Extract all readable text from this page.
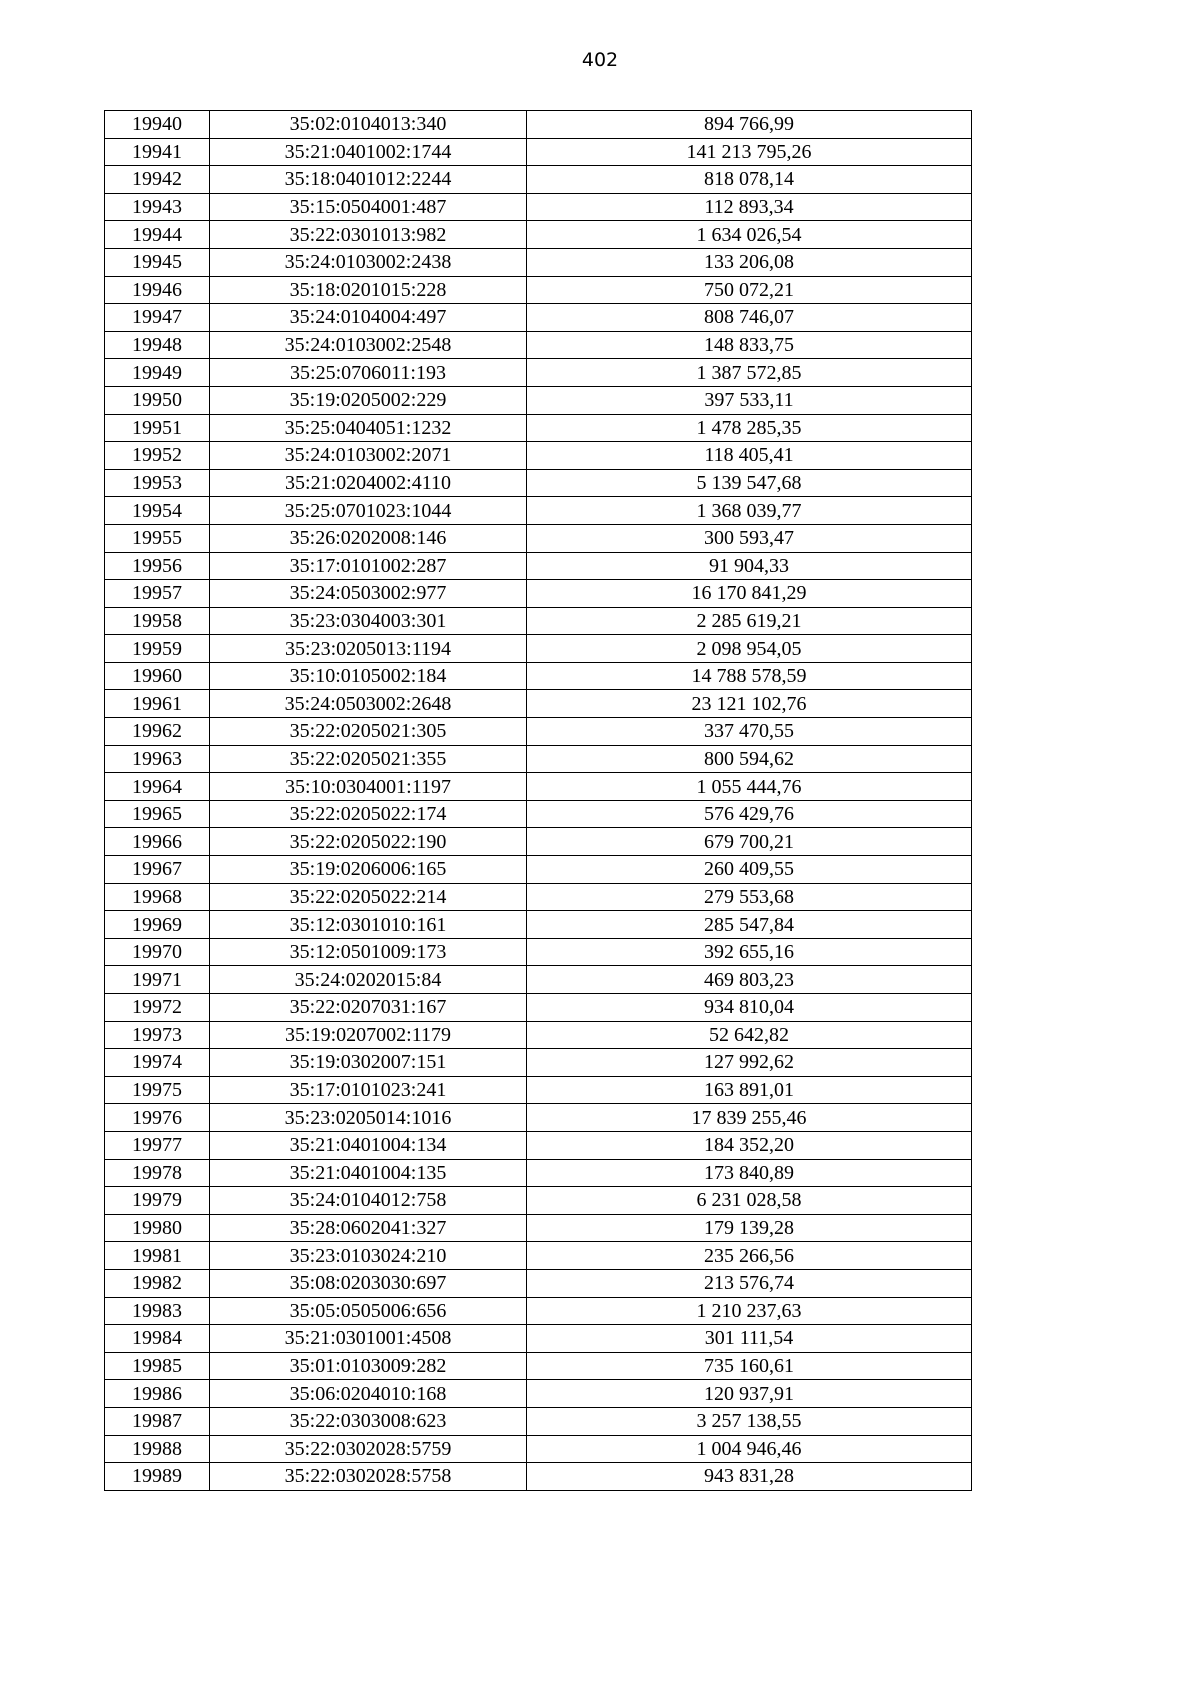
402
19940	35:02:0104013:340	894 766,99
19941	35:21:0401002:1744	141 213 795,26
19942	35:18:0401012:2244	818 078,14
19943	35:15:0504001:487	112 893,34
19944	35:22:0301013:982	1 634 026,54
19945	35:24:0103002:2438	133 206,08
19946	35:18:0201015:228	750 072,21
19947	35:24:0104004:497	808 746,07
19948	35:24:0103002:2548	148 833,75
19949	35:25:0706011:193	1 387 572,85
19950	35:19:0205002:229	397 533,11
19951	35:25:0404051:1232	1 478 285,35
19952	35:24:0103002:2071	118 405,41
19953	35:21:0204002:4110	5 139 547,68
19954	35:25:0701023:1044	1 368 039,77
19955	35:26:0202008:146	300 593,47
19956	35:17:0101002:287	91 904,33
19957	35:24:0503002:977	16 170 841,29
19958	35:23:0304003:301	2 285 619,21
19959	35:23:0205013:1194	2 098 954,05
19960	35:10:0105002:184	14 788 578,59
19961	35:24:0503002:2648	23 121 102,76
19962	35:22:0205021:305	337 470,55
19963	35:22:0205021:355	800 594,62
19964	35:10:0304001:1197	1 055 444,76
19965	35:22:0205022:174	576 429,76
19966	35:22:0205022:190	679 700,21
19967	35:19:0206006:165	260 409,55
19968	35:22:0205022:214	279 553,68
19969	35:12:0301010:161	285 547,84
19970	35:12:0501009:173	392 655,16
19971	35:24:0202015:84	469 803,23
19972	35:22:0207031:167	934 810,04
19973	35:19:0207002:1179	52 642,82
19974	35:19:0302007:151	127 992,62
19975	35:17:0101023:241	163 891,01
19976	35:23:0205014:1016	17 839 255,46
19977	35:21:0401004:134	184 352,20
19978	35:21:0401004:135	173 840,89
19979	35:24:0104012:758	6 231 028,58
19980	35:28:0602041:327	179 139,28
19981	35:23:0103024:210	235 266,56
19982	35:08:0203030:697	213 576,74
19983	35:05:0505006:656	1 210 237,63
19984	35:21:0301001:4508	301 111,54
19985	35:01:0103009:282	735 160,61
19986	35:06:0204010:168	120 937,91
19987	35:22:0303008:623	3 257 138,55
19988	35:22:0302028:5759	1 004 946,46
19989	35:22:0302028:5758	943 831,28
